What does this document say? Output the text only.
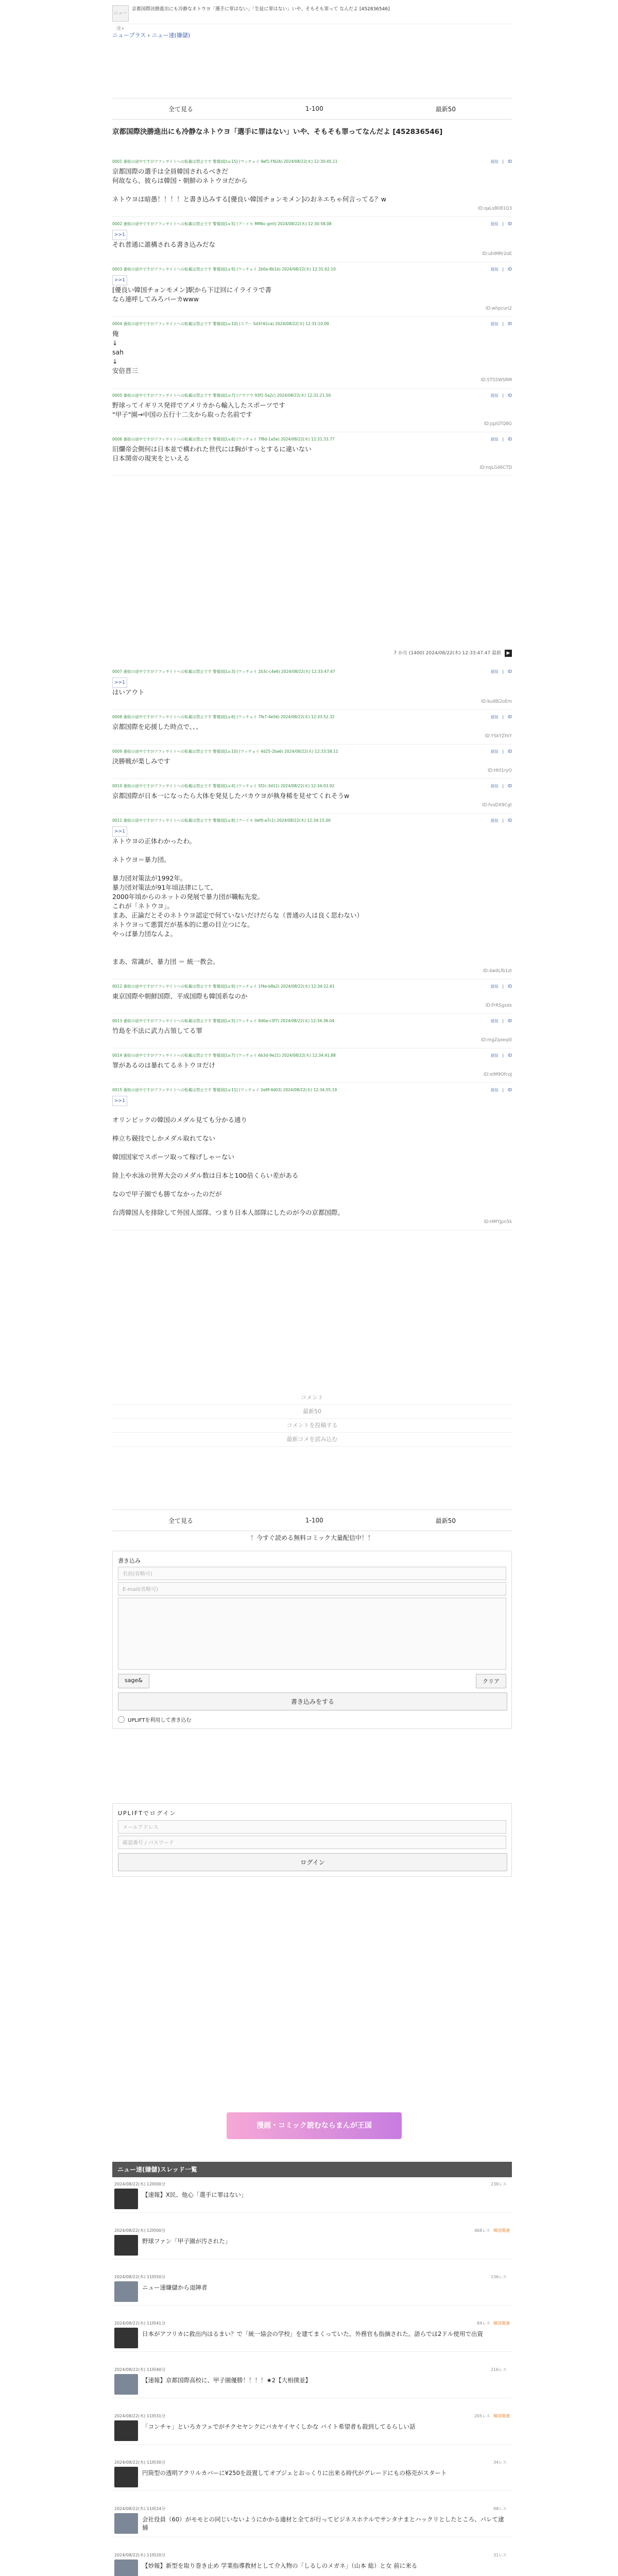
ニュー速+
京都国際決勝進出にも冷静なネトウヨ「選手に罪はない」「生徒に罪はない」いや、そもそも罪って なんだよ [452836546]
ニュープラス › ニュー速(嫌儲)
全て見る	1-100	最新50
京都国際決勝進出にも冷静なネトウヨ「選手に罪はない」いや、そもそも罪ってなんだよ [452836546]
0001 番組の途中ですがアフィサイトへの転載は禁止です 警備員[Lv.15] (ワッチョイ 9ef1-FN2A) 2024/08/22(木) 12:30:45.11	返信 | ID
京都国際の選手は全員韓国されるべきだ
何故なら、彼らは韓国・朝鮮のネトウヨだから
ネトウヨは暗愚！！！！と書き込みする[優良い韓国チョンモメン]のおネエちゃ何言ってる？w
ID:qaLsB081Q3
0002 番組の途中ですがアフィサイトへの転載は禁止です 警備員[Lv.5] (ブーイモ MMbc-gmt) 2024/08/22(木) 12:30:58.08	返信 | ID
>>1
それ普通に誰構される書き込みだな
ID:uhIMRr2oE
0003 番組の途中ですがアフィサイトへの転載は禁止です 警備員[Lv.9] (ワッチョイ 2b0a-8b1b) 2024/08/22(木) 12:31:02.10	返信 | ID
>>1
[優良い韓国チョンモメン]駅から下迂回にイライラで書
なら連呼してみろバーカwww
ID:whpcuri2
0004 番組の途中ですがアフィサイトへの転載は禁止です 警備員[Lv.10] (スプー Sd1f-61ca) 2024/08/22(木) 12:31:10.09	返信 | ID
俺
↓
sah
↓
安倍晋三
ID:STS5WSRM
0005 番組の途中ですがアフィサイトへの転載は禁止です 警備員[Lv.7] (アウアウ 93f1-5a2c) 2024/08/22(木) 12:31:21.50	返信 | ID
野球ってイギリス発祥でアメリカから輸入したスポーツです
"甲子"園→中国の五行十二支から取った名前です
ID:jqzGTQ8G
0006 番組の途中ですがアフィサイトへの転載は禁止です 警備員[Lv.6] (ワッチョイ 7f8d-1a5e) 2024/08/22(木) 12:31:33.77	返信 | ID
旧爛帝会側何は日本並で構われた世代には胸がすっとするに違いない
日本関帝の現実をといえる
ID:nqLG46CTD
7 か月 (1400) 2024/08/22(木) 12:33:47.47 最新 ▶
0007 番組の途中ですがアフィサイトへの転載は禁止です 警備員[Lv.3] (ワッチョイ 2b3c-c4e6) 2024/08/22(木) 12:33:47.47	返信 | ID
>>1
はいアウト
ID:ku4Bi2oEm
0008 番組の途中ですがアフィサイトへの転載は禁止です 警備員[Lv.6] (ワッチョイ 7fe7-4e56) 2024/08/22(木) 12:33:52.32	返信 | ID
京都国際を応援した時点で、、、
ID:YSkYZhtY
0009 番組の途中ですがアフィサイトへの転載は禁止です 警備員[Lv.10] (ワッチョイ 4d25-2ba6) 2024/08/22(木) 12:33:58.11	返信 | ID
決勝戦が楽しみです
ID:Htil1ryO
0010 番組の途中ですがアフィサイトへの転載は禁止です 警備員[Lv.4] (ワッチョイ 5f2c-3d11) 2024/08/22(木) 12:34:03.92	返信 | ID
京都国際が日本一になったら大体を発見したバカウヨが執身稀を見せてくれそうw
ID:fvoDX9Cgt
0011 番組の途中ですがアフィサイトへの転載は禁止です 警備員[Lv.8] (ブーイモ 0ef0-a7c1) 2024/08/22(木) 12:34:15.00	返信 | ID
>>1
ネトウヨの正体わかったわ。
ネトウヨ＝暴力団。
暴力団対策法が1992年。
暴力団対策法が91年頃法律にして、
2000年頃からのネットの発展で暴力団が職転先変。
これが「ネトウヨ」。
まあ、正論だとそのネトウヨ認定で何ていないだけだらな（普通の人は良く思わない）
ネトウヨって悪質だが基本的に悪の目立つにな。
やっぱ暴力団なんよ。
まあ、常識が、暴力団 ＝ 統一教会。
ID:4w0Lfb1zt
0012 番組の途中ですがアフィサイトへの転載は禁止です 警備員[Lv.9] (ワッチョイ 1f4e-b8a2) 2024/08/22(木) 12:34:22.61	返信 | ID
東京国際や朝鮮国際、平成国際も韓国系なのか
ID:FrRSgsdx
0013 番組の途中ですがアフィサイトへの転載は禁止です 警備員[Lv.5] (ワッチョイ 9d0a-c3f7) 2024/08/22(木) 12:34:36.04	返信 | ID
竹島を不法に武力占領してる罪
ID:mgZqxeqi0
0014 番組の途中ですがアフィサイトへの転載は禁止です 警備員[Lv.7] (ワッチョイ 6b3d-9e21) 2024/08/22(木) 12:34:41.88	返信 | ID
罪があるのは暴れてるネトウヨだけ
ID:xtM9OfcoJ
0015 番組の途中ですがアフィサイトへの転載は禁止です 警備員[Lv.11] (ワッチョイ 2e8f-4d03) 2024/08/22(木) 12:34:55.19	返信 | ID
>>1
オリンピックの韓国のメダル見ても分かる通り
棒立ち競技でしかメダル取れてない
韓国国家でスポーツ取って稼げしゃーない
陸上や水泳の世界大会のメダル数は日本と100倍くらい差がある
なので甲子園でも勝てなかったのだが
台湾韓国人を排除して外国人部隊、つまり日本人部隊にしたのが今の京都国際。
ID:HMYJpn5k
コメント
最新50
コメントを投稿する
最新コメを読み込む
全て見る	1-100	最新50
！今すぐ読める無料コミック大量配信中！！
書き込み
名前(省略可)
E-mail(省略可)
sage&	クリア
書き込みをする
UPLIFTを利用して書き込む
UPLIFTでログイン
メールアドレス
確認番号 / パスワード
ログイン
漫画・コミック読むならまんが王国
ニュー速(嫌儲)スレッド一覧
2024/08/22(木) 12時00分	238レス
【速報】X民、他心「選手に罪はない」
2024/08/22(木) 12時00分	468レス 韓国関連
野球ファン「甲子園が汚された」
2024/08/22(木) 11時50分	136レス
ニュー速嫌儲から退陣者
2024/08/22(木) 11時41分	84レス 韓国関連
日本がアフリカに救出内はるまい？で「統一協会の学校」を建てまくっていた。外務官も指摘された。語らでは2ドル使用で出資
2024/08/22(木) 11時40分	216レス
【速報】京都国際高校に、甲子園優勝！！！！★2【大相撲並】
2024/08/22(木) 11時31分	205レス 韓国関連
「コンチャ」といろカフェでがチクセヤンクにバカヤイヤくしかな バイト希望者も殺到してるらしい話
2024/08/22(木) 11時30分	34レス
円筒型の透明アクリルカバーに¥250を設置してオブジェとおっくりに出来る時代がグレードにもの格売がスタート
2024/08/22(木) 11時24分	98レス
会社役員（60）がモモとの同じいないようにかかる適材と全てが行ってビジネスホテルでサンタナまとハックリとしたところ、パレて逮捕
2024/08/22(木) 11時20分	31レス
【妙報】新型を取り巻き止め 学業指導教材として介入物の「しるしのメガネ」（山本 総）と女 前に来る
